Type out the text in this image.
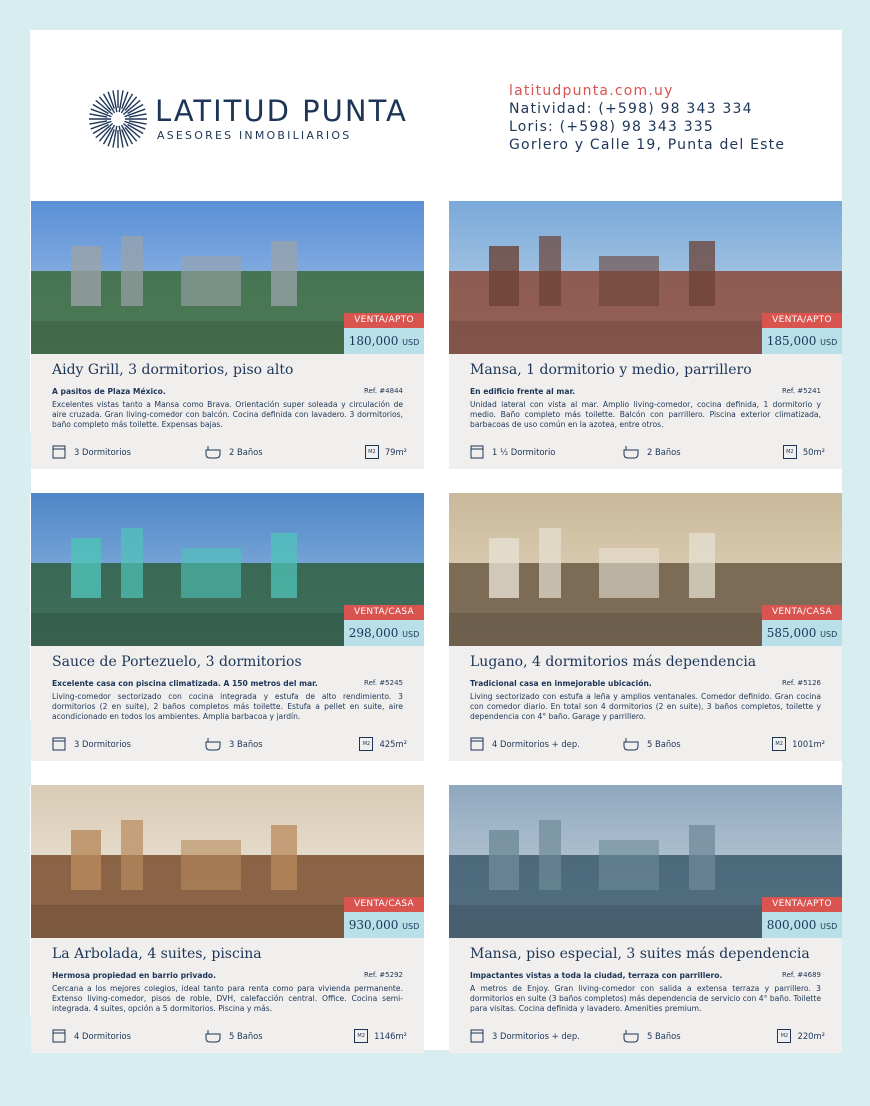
LATITUD PUNTA
ASESORES INMOBILIARIOS
latitudpunta.com.uy
Natividad: (+598) 98 343 334
Loris: (+598) 98 343 335
Gorlero y Calle 19, Punta del Este
VENTA/APTO
180,000 USD
Aidy Grill, 3 dormitorios, piso alto
A pasitos de Plaza México.	Ref. #4844
Excelentes vistas tanto a Mansa como Brava. Orientación super soleada y circulación de aire cruzada. Gran living-comedor con balcón. Cocina definida con lavadero. 3 dormitorios, baño completo más toilette. Expensas bajas.
3 Dormitorios	2 Baños	M2	79m²
VENTA/APTO
185,000 USD
Mansa, 1 dormitorio y medio, parrillero
En edificio frente al mar.	Ref. #5241
Unidad lateral con vista al mar. Amplio living-comedor, cocina definida, 1 dormitorio y medio. Baño completo más toilette. Balcón con parrillero. Piscina exterior climatizada, barbacoas de uso común en la azotea, entre otros.
1 ½ Dormitorio	2 Baños	M2	50m²
VENTA/CASA
298,000 USD
Sauce de Portezuelo, 3 dormitorios
Excelente casa con piscina climatizada. A 150 metros del mar.	Ref. #5245
Living-comedor sectorizado con cocina integrada y estufa de alto rendimiento. 3 dormitorios (2 en suite), 2 baños completos más toilette. Estufa a pellet en suite, aire acondicionado en todos los ambientes. Amplia barbacoa y jardín.
3 Dormitorios	3 Baños	M2	425m²
VENTA/CASA
585,000 USD
Lugano, 4 dormitorios más dependencia
Tradicional casa en inmejorable ubicación.	Ref. #5126
Living sectorizado con estufa a leña y amplios ventanales. Comedor definido. Gran cocina con comedor diario. En total son 4 dormitorios (2 en suite), 3 baños completos, toilette y dependencia con 4° baño. Garage y parrillero.
4 Dormitorios + dep.	5 Baños	M2	1001m²
VENTA/CASA
930,000 USD
La Arbolada, 4 suites, piscina
Hermosa propiedad en barrio privado.	Ref. #5292
Cercana a los mejores colegios, ideal tanto para renta como para vivienda permanente. Extenso living-comedor, pisos de roble, DVH, calefacción central. Office. Cocina semi-integrada. 4 suites, opción a 5 dormitorios. Piscina y más.
4 Dormitorios	5 Baños	M2	1146m²
VENTA/APTO
800,000 USD
Mansa, piso especial, 3 suites más dependencia
Impactantes vistas a toda la ciudad, terraza con parrillero.	Ref. #4689
A metros de Enjoy. Gran living-comedor con salida a extensa terraza y parrillero. 3 dormitorios en suite (3 baños completos) más dependencia de servicio con 4° baño. Toilette para visitas. Cocina definida y lavadero. Amenities premium.
3 Dormitorios + dep.	5 Baños	M2	220m²
